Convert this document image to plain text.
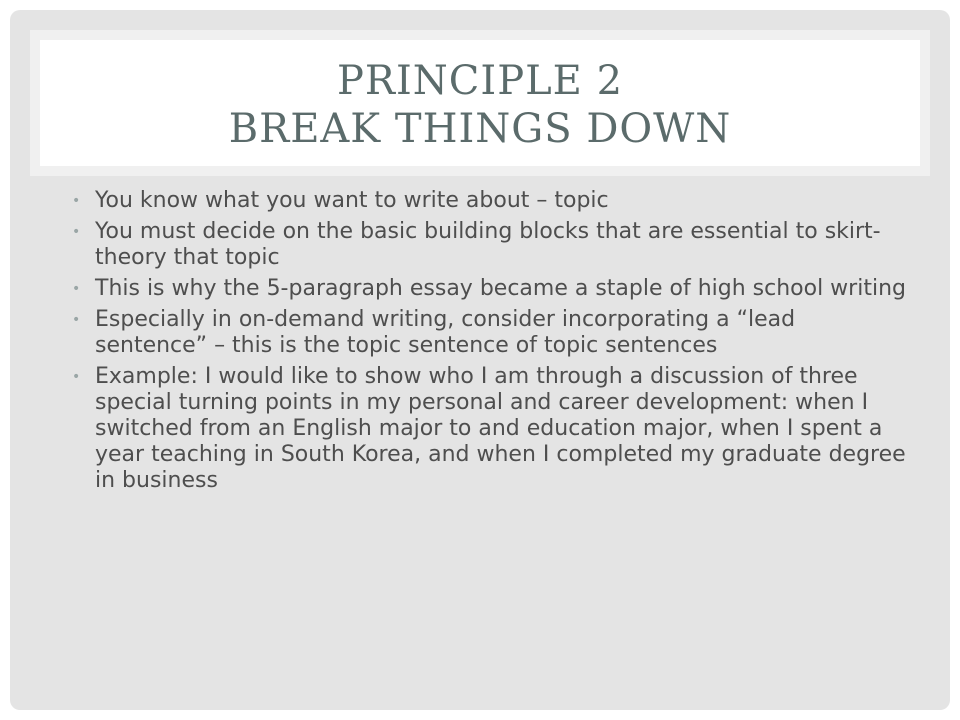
PRINCIPLE 2
BREAK THINGS DOWN
• You know what you want to write about – topic
• You must decide on the basic building blocks that are essential to skirt-theory that topic
• This is why the 5-paragraph essay became a staple of high school writing
• Especially in on-demand writing, consider incorporating a “lead sentence” – this is the topic sentence of topic sentences
• Example: I would like to show who I am through a discussion of three special turning points in my personal and career development: when I switched from an English major to and education major, when I spent a year teaching in South Korea, and when I completed my graduate degree in business
